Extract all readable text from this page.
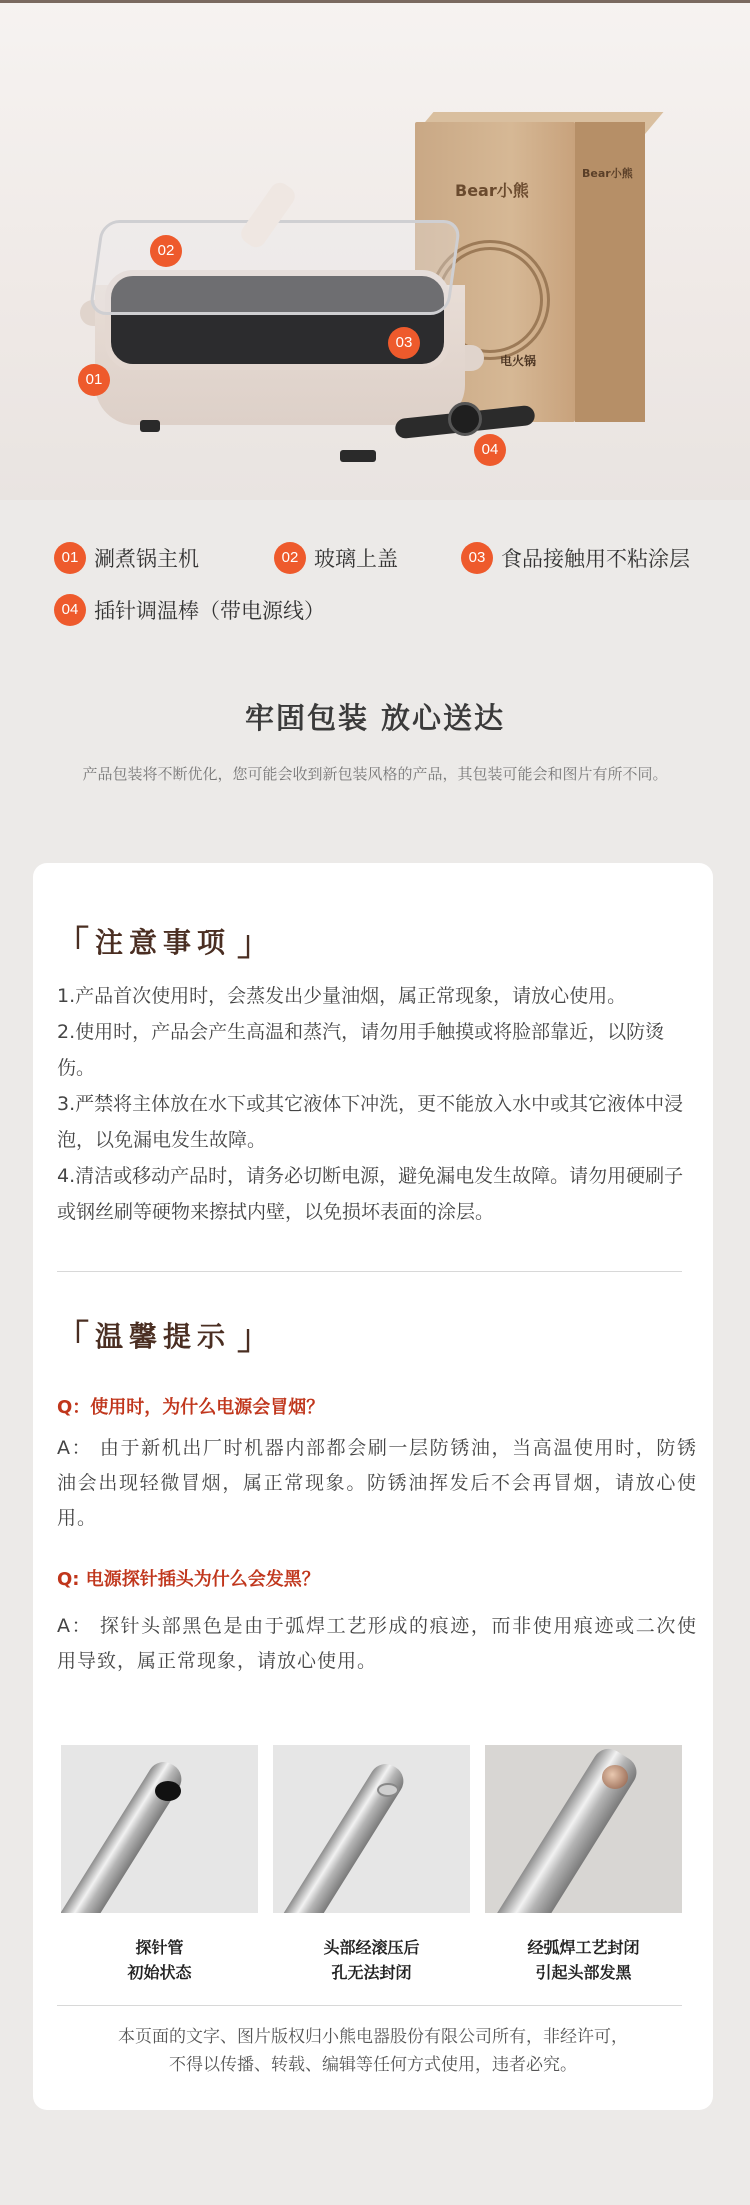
Bear小熊
Bear小熊
电火锅
02
03
01
04
01 涮煮锅主机	02 玻璃上盖	03 食品接触用不粘涂层
04 插针调温棒（带电源线）
牢固包装 放心送达
产品包装将不断优化，您可能会收到新包装风格的产品，其包装可能会和图片有所不同。
「 注意事项 」
1.产品首次使用时，会蒸发出少量油烟，属正常现象，请放心使用。
2.使用时，产品会产生高温和蒸汽，请勿用手触摸或将脸部靠近，以防烫伤。
3.严禁将主体放在水下或其它液体下冲洗，更不能放入水中或其它液体中浸泡，以免漏电发生故障。
4.清洁或移动产品时，请务必切断电源，避免漏电发生故障。请勿用硬刷子或钢丝刷等硬物来擦拭内壁，以免损坏表面的涂层。
「 温馨提示 」
Q：使用时，为什么电源会冒烟？
A： 由于新机出厂时机器内部都会刷一层防锈油，当高温使用时，防锈油会出现轻微冒烟，属正常现象。防锈油挥发后不会再冒烟，请放心使用。
Q: 电源探针插头为什么会发黑？
A： 探针头部黑色是由于弧焊工艺形成的痕迹，而非使用痕迹或二次使用导致，属正常现象，请放心使用。
探针管
初始状态
头部经滚压后
孔无法封闭
经弧焊工艺封闭
引起头部发黑
本页面的文字、图片版权归小熊电器股份有限公司所有，非经许可，
不得以传播、转载、编辑等任何方式使用，违者必究。
